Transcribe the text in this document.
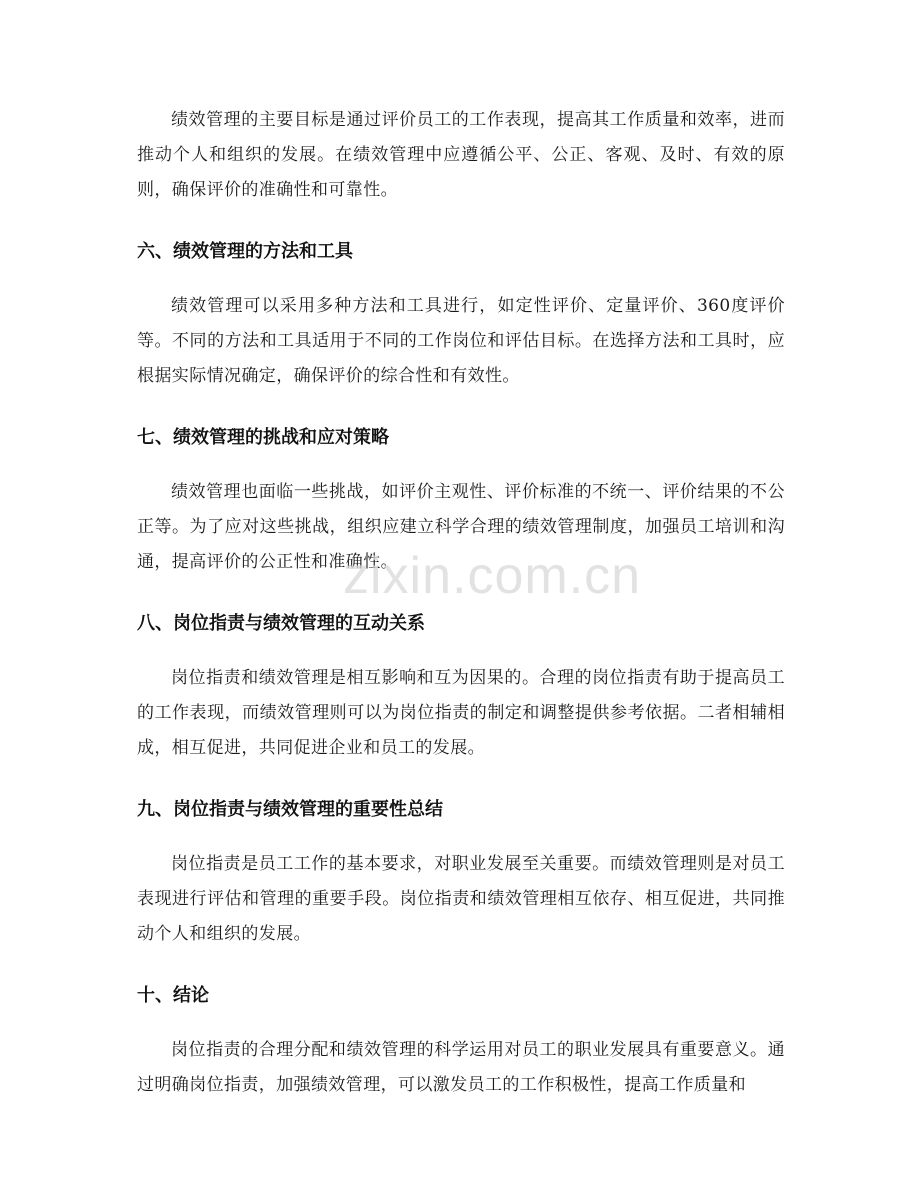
绩效管理的主要目标是通过评价员工的工作表现，提高其工作质量和效率，进而推动个人和组织的发展。在绩效管理中应遵循公平、公正、客观、及时、有效的原则，确保评价的准确性和可靠性。

六、绩效管理的方法和工具

绩效管理可以采用多种方法和工具进行，如定性评价、定量评价、360度评价等。不同的方法和工具适用于不同的工作岗位和评估目标。在选择方法和工具时，应根据实际情况确定，确保评价的综合性和有效性。

七、绩效管理的挑战和应对策略

绩效管理也面临一些挑战，如评价主观性、评价标准的不统一、评价结果的不公正等。为了应对这些挑战，组织应建立科学合理的绩效管理制度，加强员工培训和沟通，提高评价的公正性和准确性。

八、岗位指责与绩效管理的互动关系

岗位指责和绩效管理是相互影响和互为因果的。合理的岗位指责有助于提高员工的工作表现，而绩效管理则可以为岗位指责的制定和调整提供参考依据。二者相辅相成，相互促进，共同促进企业和员工的发展。

九、岗位指责与绩效管理的重要性总结

岗位指责是员工工作的基本要求，对职业发展至关重要。而绩效管理则是对员工表现进行评估和管理的重要手段。岗位指责和绩效管理相互依存、相互促进，共同推动个人和组织的发展。

十、结论

岗位指责的合理分配和绩效管理的科学运用对员工的职业发展具有重要意义。通过明确岗位指责，加强绩效管理，可以激发员工的工作积极性，提高工作质量和

zixin.com.cn
